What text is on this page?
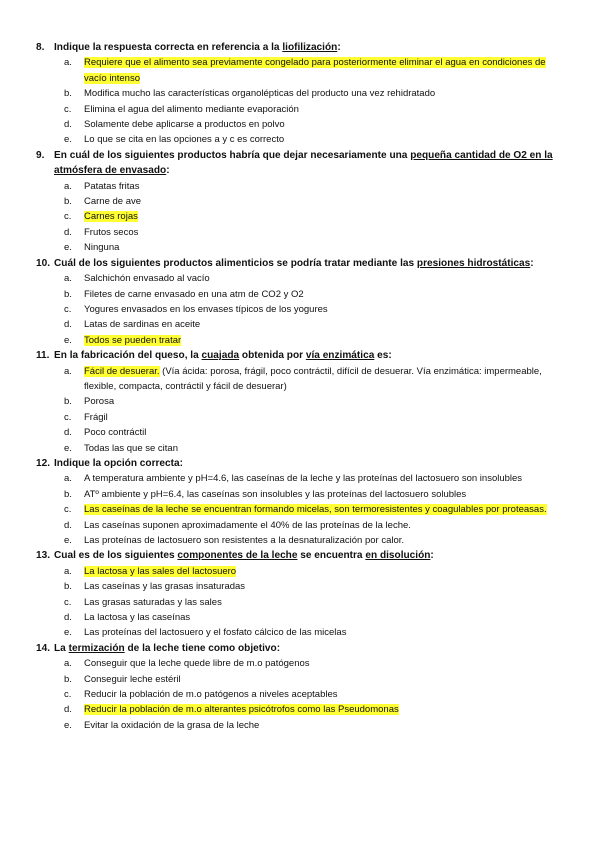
8. Indique la respuesta correcta en referencia a la liofilización:
a.	Requiere que el alimento sea previamente congelado para posteriormente eliminar el agua en condiciones de vacío intenso
b.	Modifica mucho las características organolépticas del producto una vez rehidratado
c.	Elimina el agua del alimento mediante evaporación
d.	Solamente debe aplicarse a productos en polvo
e.	Lo que se cita en las opciones a y c es correcto
9. En cuál de los siguientes productos habría que dejar necesariamente una pequeña cantidad de O2 en la atmósfera de envasado:
a.	Patatas fritas
b.	Carne de ave
c.	Carnes rojas
d.	Frutos secos
e.	Ninguna
10. Cuál de los siguientes productos alimenticios se podría tratar mediante las presiones hidrostáticas:
a.	Salchichón envasado al vacío
b.	Filetes de carne envasado en una atm de CO2 y O2
c.	Yogures envasados en los envases típicos de los yogures
d.	Latas de sardinas en aceite
e.	Todos se pueden tratar
11. En la fabricación del queso, la cuajada obtenida por vía enzimática es:
a.	Fácil de desuerar. (Vía ácida: porosa, frágil, poco contráctil, difícil de desuerar. Vía enzimática: impermeable, flexible, compacta, contráctil y fácil de desuerar)
b.	Porosa
c.	Frágil
d.	Poco contráctil
e.	Todas las que se citan
12. Indique la opción correcta:
a.	A temperatura ambiente y pH=4.6, las caseínas de la leche y las proteínas del lactosuero son insolubles
b.	ATº ambiente y pH=6.4, las caseínas son insolubles y las proteínas del lactosuero solubles
c.	Las caseínas de la leche se encuentran formando micelas, son termoresistentes y coagulables por proteasas.
d.	Las caseínas suponen aproximadamente el 40% de las proteínas de la leche.
e.	Las proteínas de lactosuero son resistentes a la desnaturalización por calor.
13. Cual es de los siguientes componentes de la leche se encuentra en disolución:
a.	La lactosa y las sales del lactosuero
b.	Las caseínas y las grasas insaturadas
c.	Las grasas saturadas y las sales
d.	La lactosa y las caseínas
e.	Las proteínas del lactosuero y el fosfato cálcico de las micelas
14. La termización de la leche tiene como objetivo:
a.	Conseguir que la leche quede libre de m.o patógenos
b.	Conseguir leche estéril
c.	Reducir la población de m.o patógenos a niveles aceptables
d.	Reducir la población de m.o alterantes psicótrofos como las Pseudomonas
e.	Evitar la oxidación de la grasa de la leche
